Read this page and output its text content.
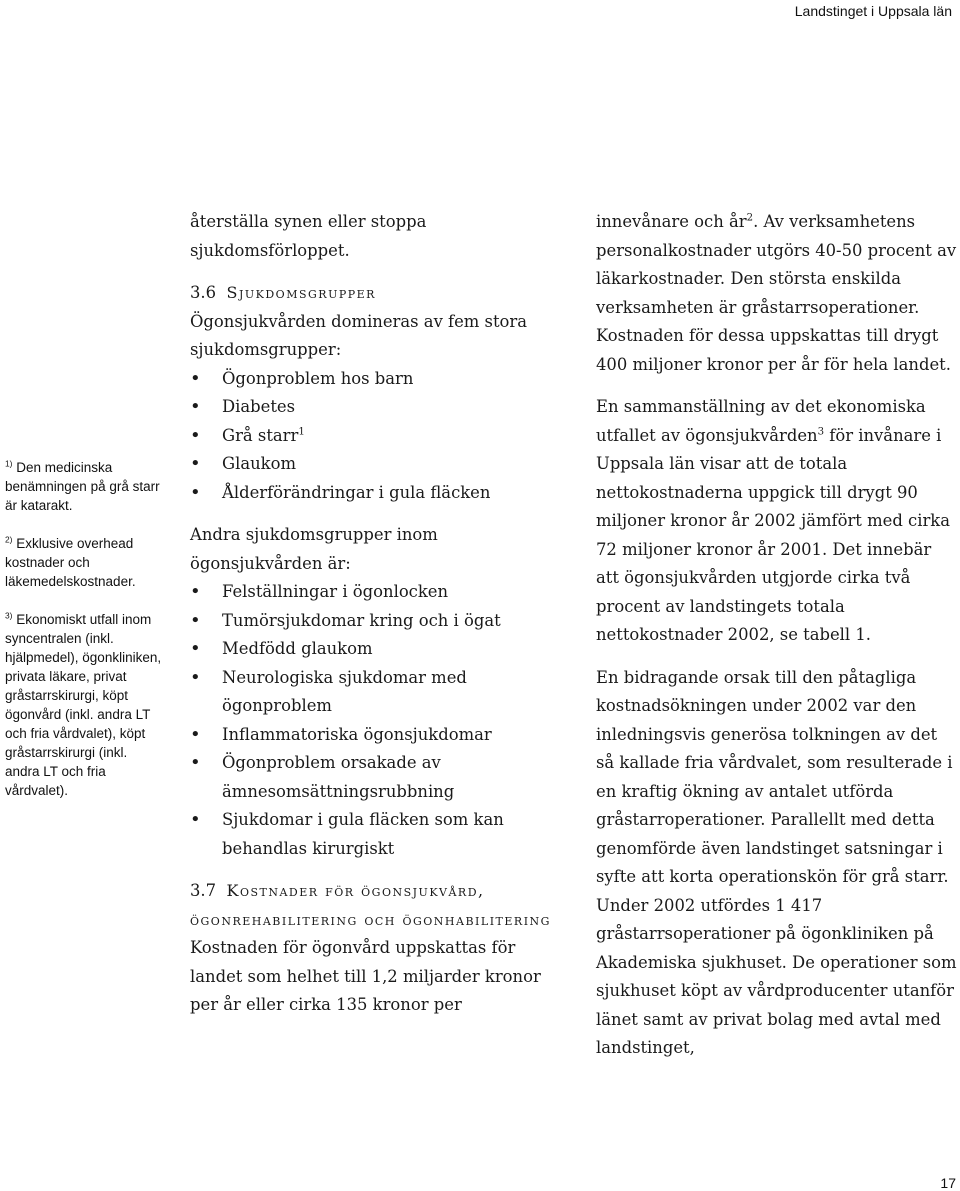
Landstinget i Uppsala län

$^{1)}$ Den medicinska benämningen på grå starr är katarakt.

$^{2)}$ Exklusive overhead kostnader och läkemedelskostnader.

$^{3)}$ Ekonomiskt utfall inom syncentralen (inkl. hjälpmedel), ögonkliniken, privata läkare, privat gråstarrskirurgi, köpt ögonvård (inkl. andra LT och fria vårdvalet), köpt gråstarrskirurgi (inkl. andra LT och fria vårdvalet).

återställa synen eller stoppa sjukdomsförloppet.

3.6 Sjukdomsgrupper

Ögonsjukvården domineras av fem stora sjukdomsgrupper:

• Ögonproblem hos barn
• Diabetes
• Grå starr$^1$
• Glaukom
• Ålderförändringar i gula fläcken

Andra sjukdomsgrupper inom ögonsjukvården är:

• Felställningar i ögonlocken
• Tumörsjukdomar kring och i ögat
• Medfödd glaukom
• Neurologiska sjukdomar med ögonproblem
• Inflammatoriska ögonsjukdomar
• Ögonproblem orsakade av ämnesomsättningsrubbning
• Sjukdomar i gula fläcken som kan behandlas kirurgiskt

3.7 Kostnader för ögonsjukvård, ögonrehabilitering och ögonhabilitering

Kostnaden för ögonvård uppskattas för landet som helhet till 1,2 miljarder kronor per år eller cirka 135 kronor per

innevånare och $år^2$. Av verksamhetens personalkostnader utgörs 40-50 procent av läkarkostnader. Den största enskilda verksamheten är gråstarrsoperationer. Kostnaden för dessa uppskattas till drygt 400 miljoner kronor per år för hela landet.

En sammanställning av det ekonomiska utfallet av ögonsjukvården$^3$ för invånare i Uppsala län visar att de totala nettokostnaderna uppgick till drygt 90 miljoner kronor år 2002 jämfört med cirka 72 miljoner kronor år 2001. Det innebär att ögonsjukvården utgjorde cirka två procent av landstingets totala nettokostnader 2002, se tabell 1.

En bidragande orsak till den påtagliga kostnadsökningen under 2002 var den inledningsvis generösa tolkningen av det så kallade fria vårdvalet, som resulterade i en kraftig ökning av antalet utförda gråstarroperationer. Parallellt med detta genomförde även landstinget satsningar i syfte att korta operationskön för grå starr. Under 2002 utfördes 1 417 gråstarrsoperationer på ögonkliniken på Akademiska sjukhuset. De operationer som sjukhuset köpt av vårdproducenter utanför länet samt av privat bolag med avtal med landstinget,

17
